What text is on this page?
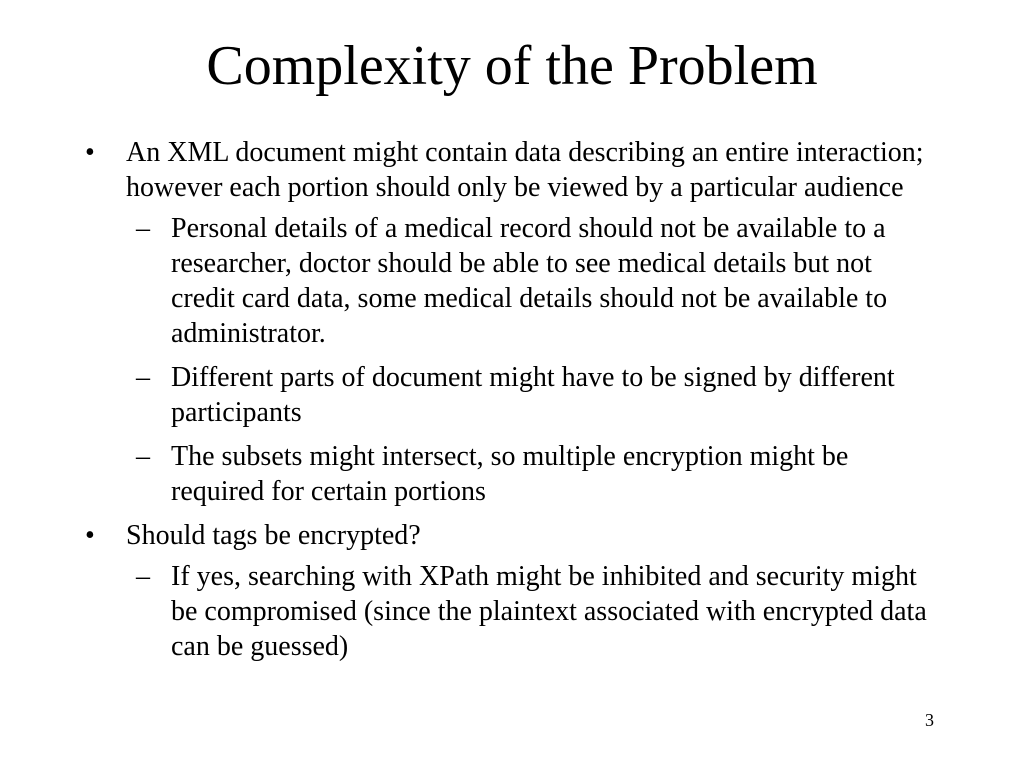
Complexity of the Problem
• An XML document might contain data describing an entire interaction; however each portion should only be viewed by a particular audience
– Personal details of a medical record should not be available to a researcher, doctor should be able to see medical details but not credit card data, some medical details should not be available to administrator.
– Different parts of document might have to be signed by different participants
– The subsets might intersect, so multiple encryption might be required for certain portions
• Should tags be encrypted?
– If yes, searching with XPath might be inhibited and security might be compromised (since the plaintext associated with encrypted data can be guessed)
3
